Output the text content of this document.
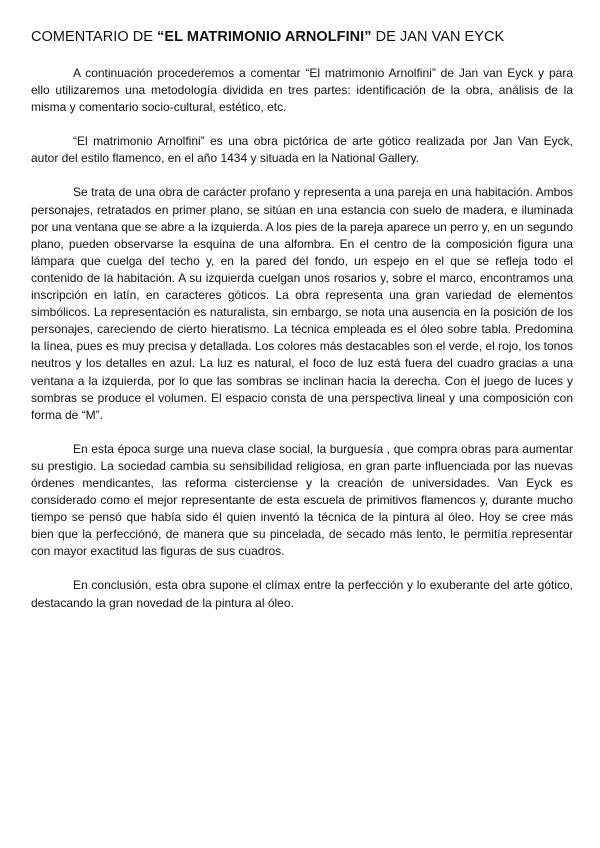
COMENTARIO DE “EL MATRIMONIO ARNOLFINI” DE JAN VAN EYCK

A continuación procederemos a comentar “El matrimonio Arnolfini” de Jan van Eyck y para ello utilizaremos una metodología dividida en tres partes: identificación de la obra, análisis de la misma y comentario socio-cultural, estético, etc.

“El matrimonio Arnolfini” es una obra pictórica de arte gótico realizada por Jan Van Eyck, autor del estilo flamenco, en el año 1434 y situada en la National Gallery.

Se trata de una obra de carácter profano y representa a una pareja en una habitación. Ambos personajes, retratados en primer plano, se sitúan en una estancia con suelo de madera, e iluminada por una ventana que se abre a la izquierda. A los pies de la pareja aparece un perro y, en un segundo plano, pueden observarse la esquina de una alfombra. En el centro de la composición figura una lámpara que cuelga del techo y, en la pared del fondo, un espejo en el que se refleja todo el contenido de la habitación. A su izquierda cuelgan unos rosarios y, sobre el marco, encontramos una inscripción en latín, en caracteres góticos. La obra representa una gran variedad de elementos simbólicos. La representación es naturalista, sin embargo, se nota una ausencia en la posición de los personajes, careciendo de cierto hieratismo. La técnica empleada es el óleo sobre tabla. Predomina la línea, pues es muy precisa y detallada. Los colores más destacables son el verde, el rojo, los tonos neutros y los detalles en azul. La luz es natural, el foco de luz está fuera del cuadro gracias a una ventana a la izquierda, por lo que las sombras se inclinan hacia la derecha. Con el juego de luces y sombras se produce el volumen. El espacio consta de una perspectiva lineal y una composición con forma de “M”.

En esta época surge una nueva clase social, la burguesía , que compra obras para aumentar su prestigio. La sociedad cambia su sensibilidad religiosa, en gran parte influenciada por las nuevas órdenes mendicantes, las reforma cisterciense y la creación de universidades. Van Eyck es considerado como el mejor representante de esta escuela de primitivos flamencos y, durante mucho tiempo se pensó que había sido él quien inventó la técnica de la pintura al óleo. Hoy se cree más bien que la perfecciónó, de manera que su pincelada, de secado más lento, le permitía representar con mayor exactitud las figuras de sus cuadros.

En conclusión, esta obra supone el clímax entre la perfección y lo exuberante del arte gótico, destacando la gran novedad de la pintura al óleo.
